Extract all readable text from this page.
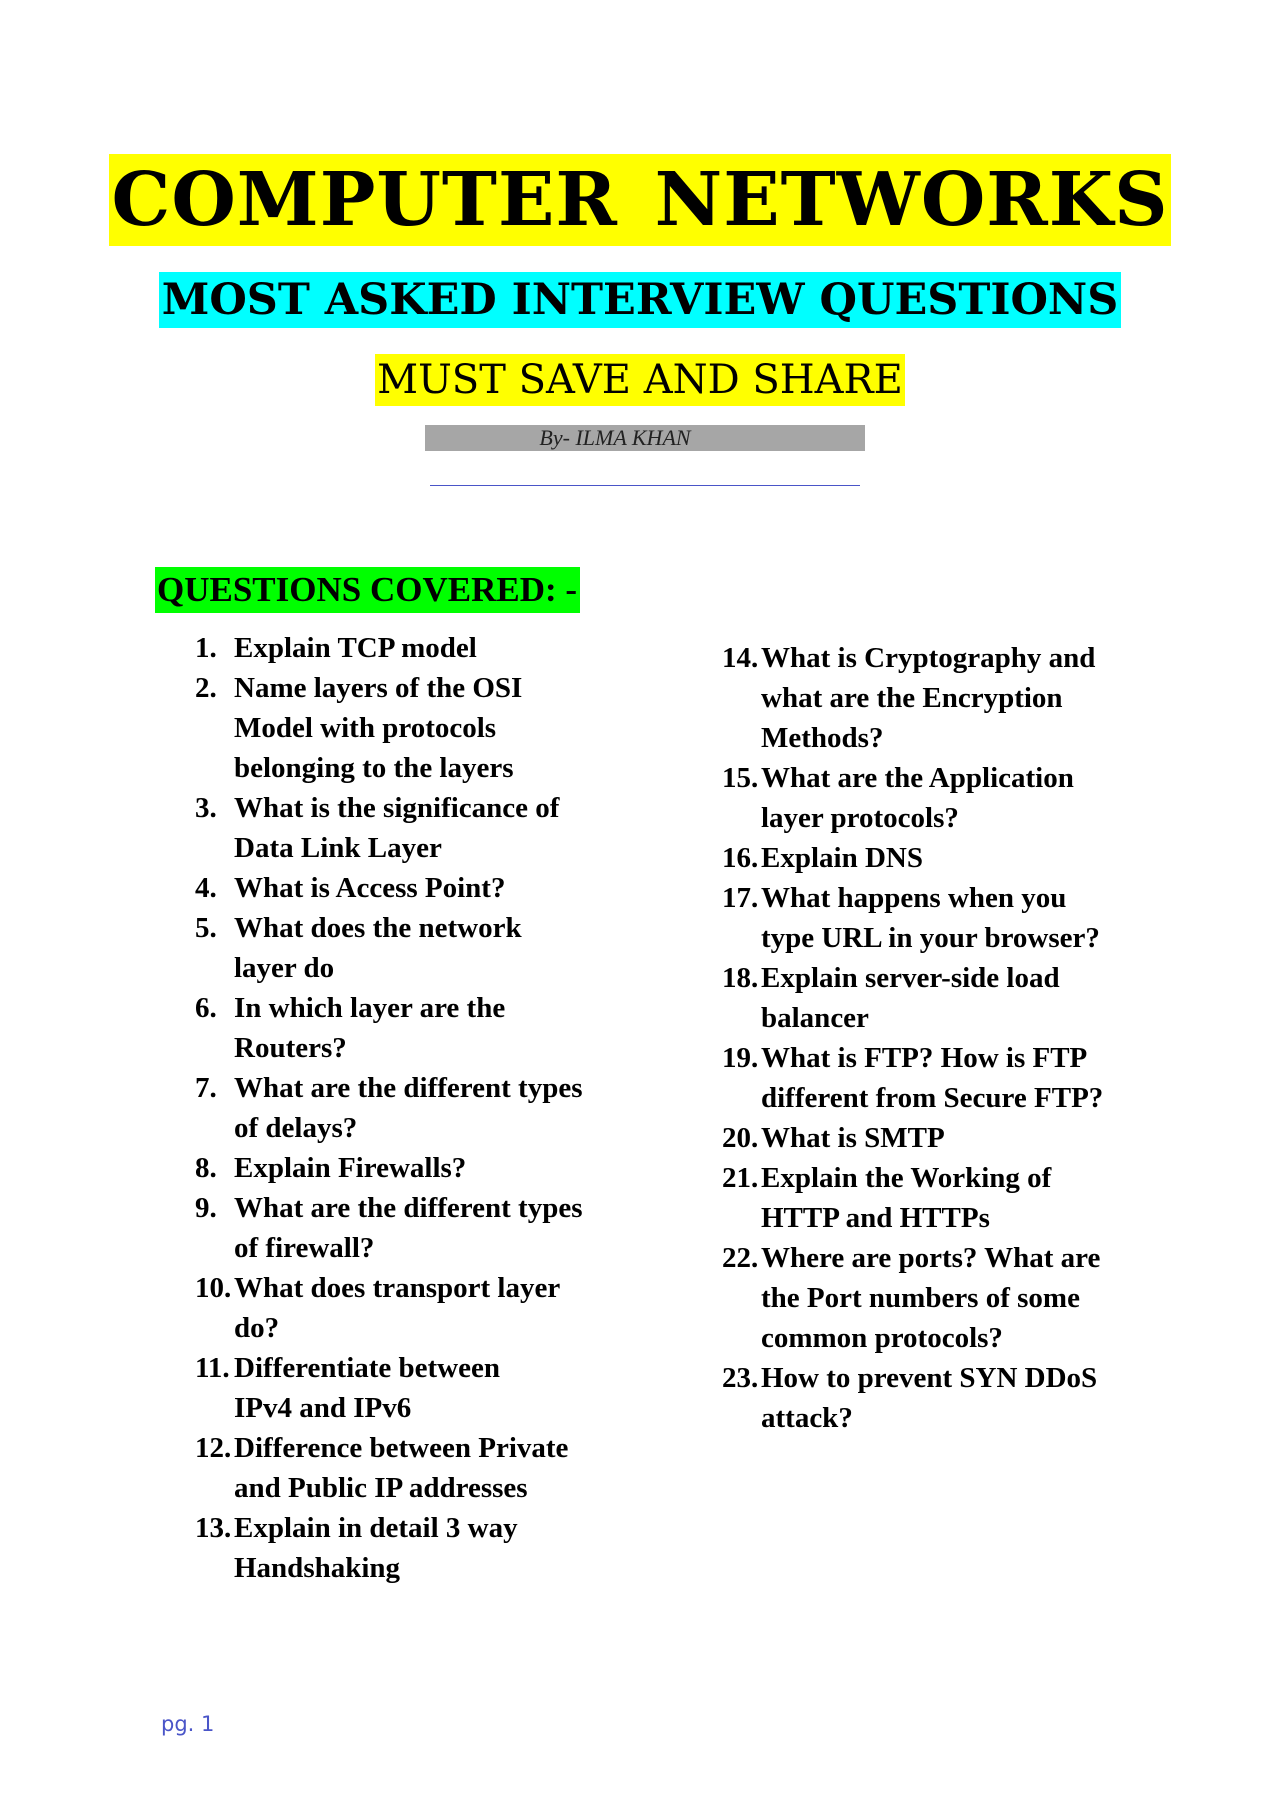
COMPUTER NETWORKS
MOST ASKED INTERVIEW QUESTIONS
MUST SAVE AND SHARE
By- ILMA KHAN
QUESTIONS COVERED: -
1. Explain TCP model
2. Name layers of the OSI
Model with protocols
belonging to the layers
3. What is the significance of
Data Link Layer
4. What is Access Point?
5. What does the network
layer do
6. In which layer are the
Routers?
7. What are the different types
of delays?
8. Explain Firewalls?
9. What are the different types
of firewall?
10. What does transport layer
do?
11. Differentiate between
IPv4 and IPv6
12. Difference between Private
and Public IP addresses
13. Explain in detail 3 way
Handshaking
14. What is Cryptography and
what are the Encryption
Methods?
15. What are the Application
layer protocols?
16. Explain DNS
17. What happens when you
type URL in your browser?
18. Explain server-side load
balancer
19. What is FTP? How is FTP
different from Secure FTP?
20. What is SMTP
21. Explain the Working of
HTTP and HTTPs
22. Where are ports? What are
the Port numbers of some
common protocols?
23. How to prevent SYN DDoS
attack?
pg. 1
